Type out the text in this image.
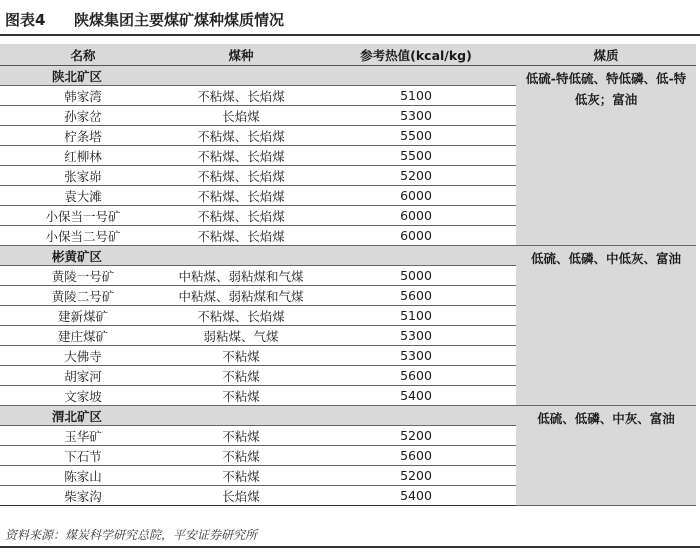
图表4 陕煤集团主要煤矿煤种煤质情况
名称	煤种	参考热值(kcal/kg)	煤质
陕北矿区			低硫-特低硫、特低磷、低-特低灰；富油
韩家湾	不粘煤、长焰煤	5100	
孙家岔	长焰煤	5300	
柠条塔	不粘煤、长焰煤	5500	
红柳林	不粘煤、长焰煤	5500	
张家峁	不粘煤、长焰煤	5200	
袁大滩	不粘煤、长焰煤	6000	
小保当一号矿	不粘煤、长焰煤	6000	
小保当二号矿	不粘煤、长焰煤	6000	
彬黄矿区			低硫、低磷、中低灰、富油
黄陵一号矿	中粘煤、弱粘煤和气煤	5000	
黄陵二号矿	中粘煤、弱粘煤和气煤	5600	
建新煤矿	不粘煤、长焰煤	5100	
建庄煤矿	弱粘煤、气煤	5300	
大佛寺	不粘煤	5300	
胡家河	不粘煤	5600	
文家坡	不粘煤	5400	
渭北矿区			低硫、低磷、中灰、富油
玉华矿	不粘煤	5200	
下石节	不粘煤	5600	
陈家山	不粘煤	5200	
柴家沟	长焰煤	5400	
资料来源：煤炭科学研究总院，平安证券研究所
